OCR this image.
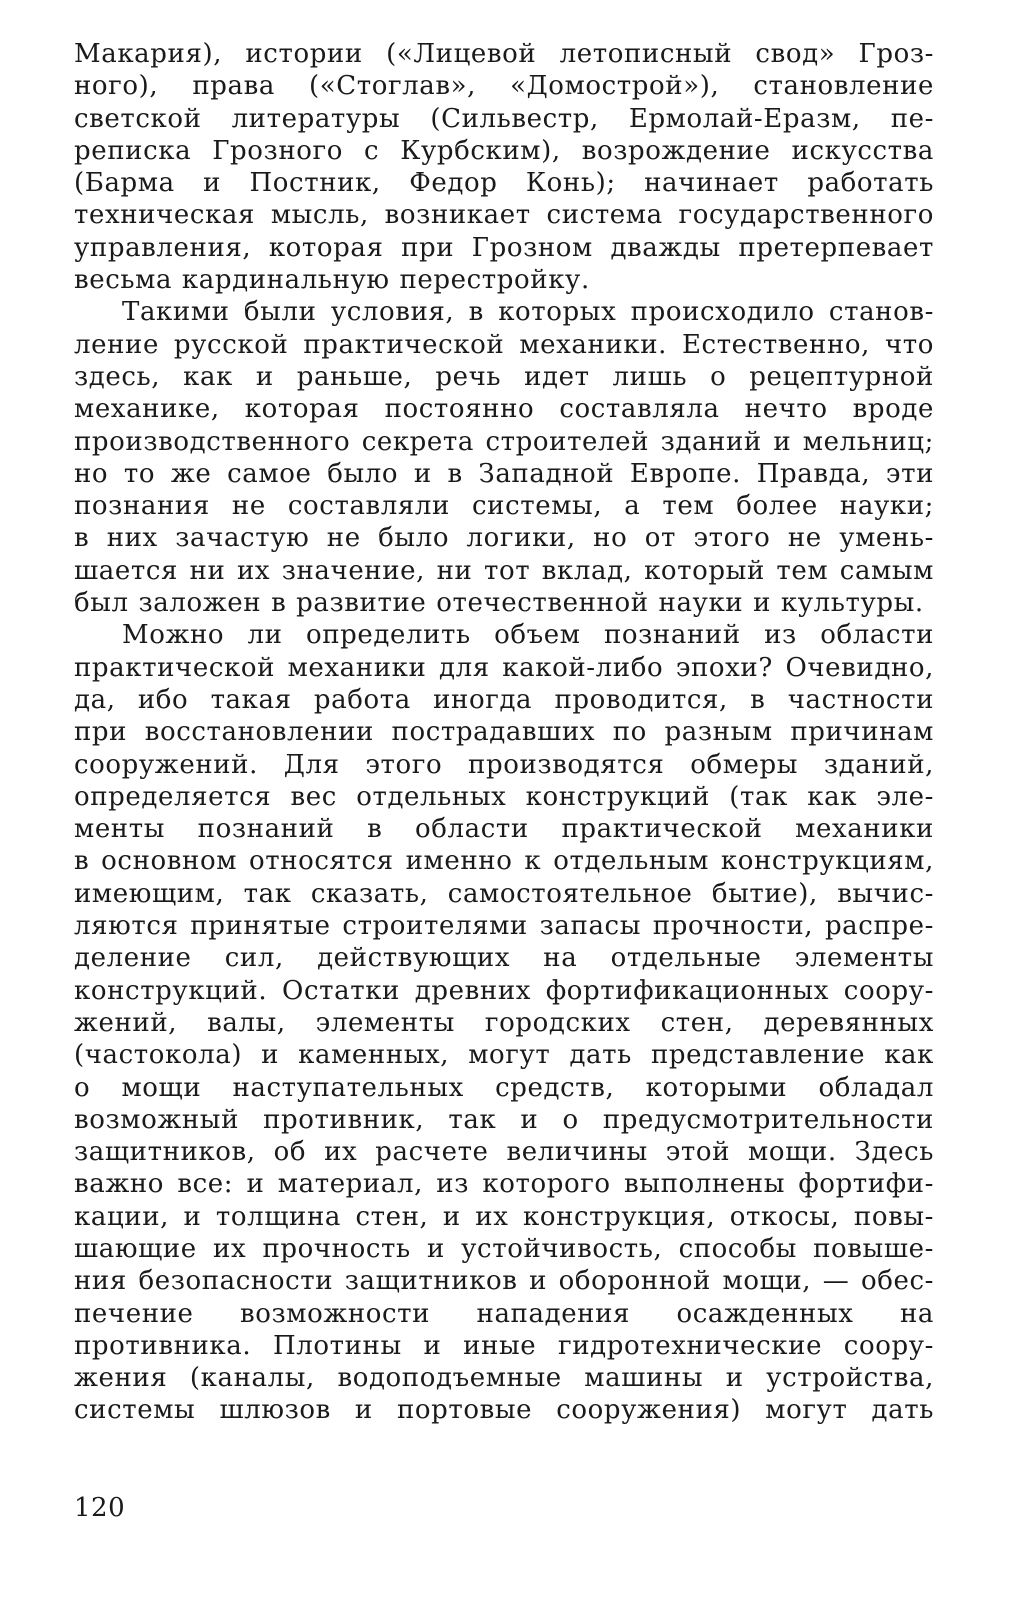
Макария), истории («Лицевой летописный свод» Гроз-
ного), права («Стоглав», «Домострой»), становление
светской литературы (Сильвестр, Ермолай-Еразм, пе-
реписка Грозного с Курбским), возрождение искусства
(Барма и Постник, Федор Конь); начинает работать
техническая мысль, возникает система государственного
управления, которая при Грозном дважды претерпевает
весьма кардинальную перестройку.
Такими были условия, в которых происходило станов-
ление русской практической механики. Естественно, что
здесь, как и раньше, речь идет лишь о рецептурной
механике, которая постоянно составляла нечто вроде
производственного секрета строителей зданий и мельниц;
но то же самое было и в Западной Европе. Правда, эти
познания не составляли системы, а тем более науки;
в них зачастую не было логики, но от этого не умень-
шается ни их значение, ни тот вклад, который тем самым
был заложен в развитие отечественной науки и культуры.
Можно ли определить объем познаний из области
практической механики для какой-либо эпохи? Очевидно,
да, ибо такая работа иногда проводится, в частности
при восстановлении пострадавших по разным причинам
сооружений. Для этого производятся обмеры зданий,
определяется вес отдельных конструкций (так как эле-
менты познаний в области практической механики
в основном относятся именно к отдельным конструкциям,
имеющим, так сказать, самостоятельное бытие), вычис-
ляются принятые строителями запасы прочности, распре-
деление сил, действующих на отдельные элементы
конструкций. Остатки древних фортификационных соору-
жений, валы, элементы городских стен, деревянных
(частокола) и каменных, могут дать представление как
о мощи наступательных средств, которыми обладал
возможный противник, так и о предусмотрительности
защитников, об их расчете величины этой мощи. Здесь
важно все: и материал, из которого выполнены фортифи-
кации, и толщина стен, и их конструкция, откосы, повы-
шающие их прочность и устойчивость, способы повыше-
ния безопасности защитников и оборонной мощи, — обес-
печение возможности нападения осажденных на
противника. Плотины и иные гидротехнические соору-
жения (каналы, водоподъемные машины и устройства,
системы шлюзов и портовые сооружения) могут дать
120
